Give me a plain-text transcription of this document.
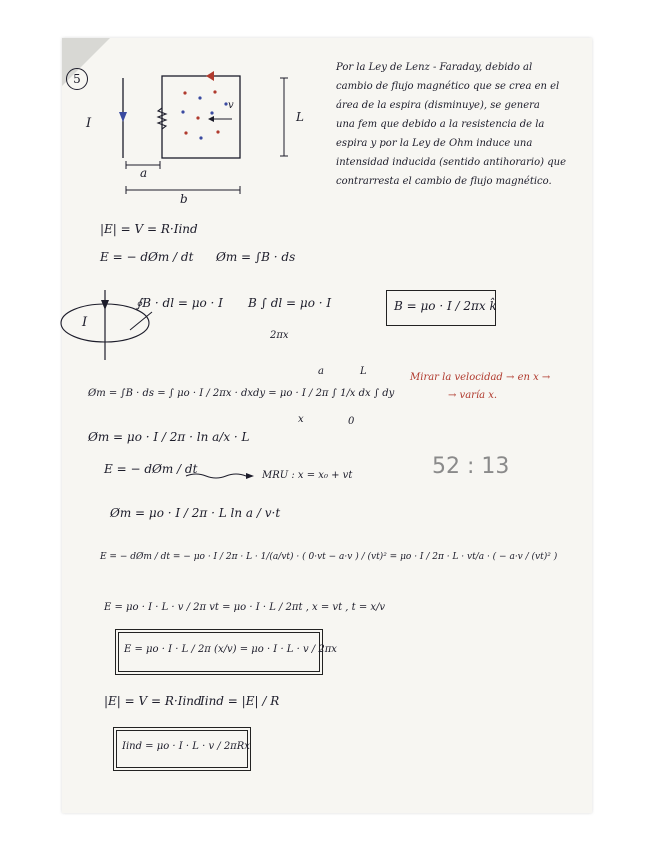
5
I	L
v
a
b
Por la Ley de Lenz - Faraday, debido al
cambio de flujo magnético que se crea en el
área de la espira (disminuye), se genera
una fem que debido a la resistencia de la
espira y por la Ley de Ohm induce una
intensidad inducida (sentido antihorario) que
contrarresta el cambio de flujo magnético.
|E| = V = R·Iind
E = − dØm / dt Øm = ∫B · ds
I
∮B · dl = μo · I B ∫ dl = μo · I
2πx
B = μo · I / 2πx k̂
Øm = ∫B · ds = ∫ μo · I / 2πx · dxdy = μo · I / 2π ∫ 1/x dx ∫ dy
a
x
L
0
Mirar la velocidad → en x →
→ varía x.
Øm = μo · I / 2π · ln a/x · L
E = − dØm / dt	MRU : x = x₀ + vt	52 : 13
Øm = μo · I / 2π · L ln a / v·t
E = − dØm / dt = − μo · I / 2π · L · 1/(a/vt) · ( 0·vt − a·v ) / (vt)² = μo · I / 2π · L · vt/a · ( − a·v / (vt)² )
E = μo · I · L · v / 2π vt = μo · I · L / 2πt , x = vt , t = x/v
E = μo · I · L / 2π (x/v) = μo · I · L · v / 2πx
|E| = V = R·Iind
Iind = |E| / R
Iind = μo · I · L · v / 2πRx
